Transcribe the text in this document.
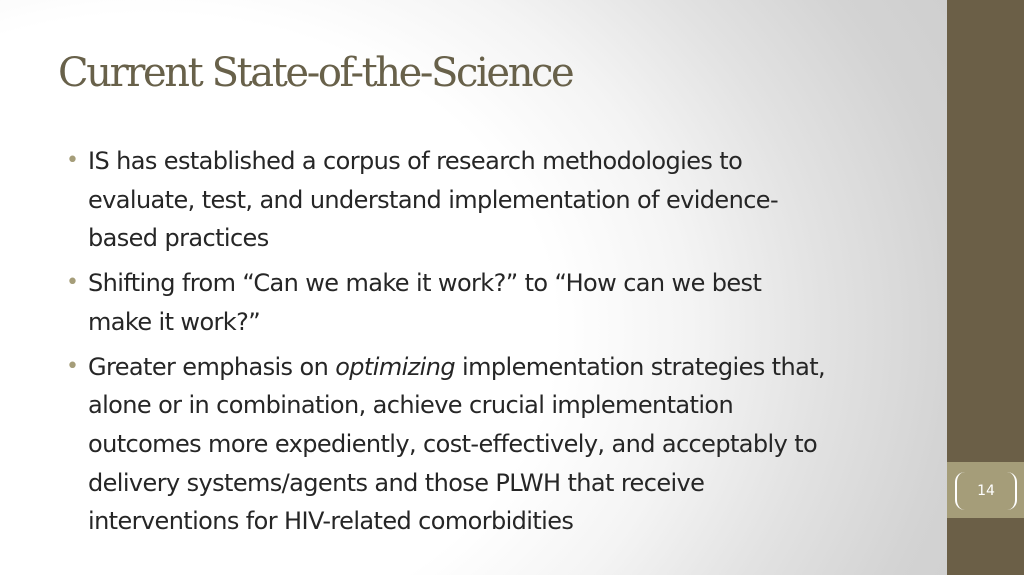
Current State-of-the-Science
• IS has established a corpus of research methodologies to
evaluate, test, and understand implementation of evidence-
based practices
• Shifting from “Can we make it work?” to “How can we best
make it work?”
• Greater emphasis on optimizing implementation strategies that,
alone or in combination, achieve crucial implementation
outcomes more expediently, cost-effectively, and acceptably to
delivery systems/agents and those PLWH that receive
interventions for HIV-related comorbidities
14
